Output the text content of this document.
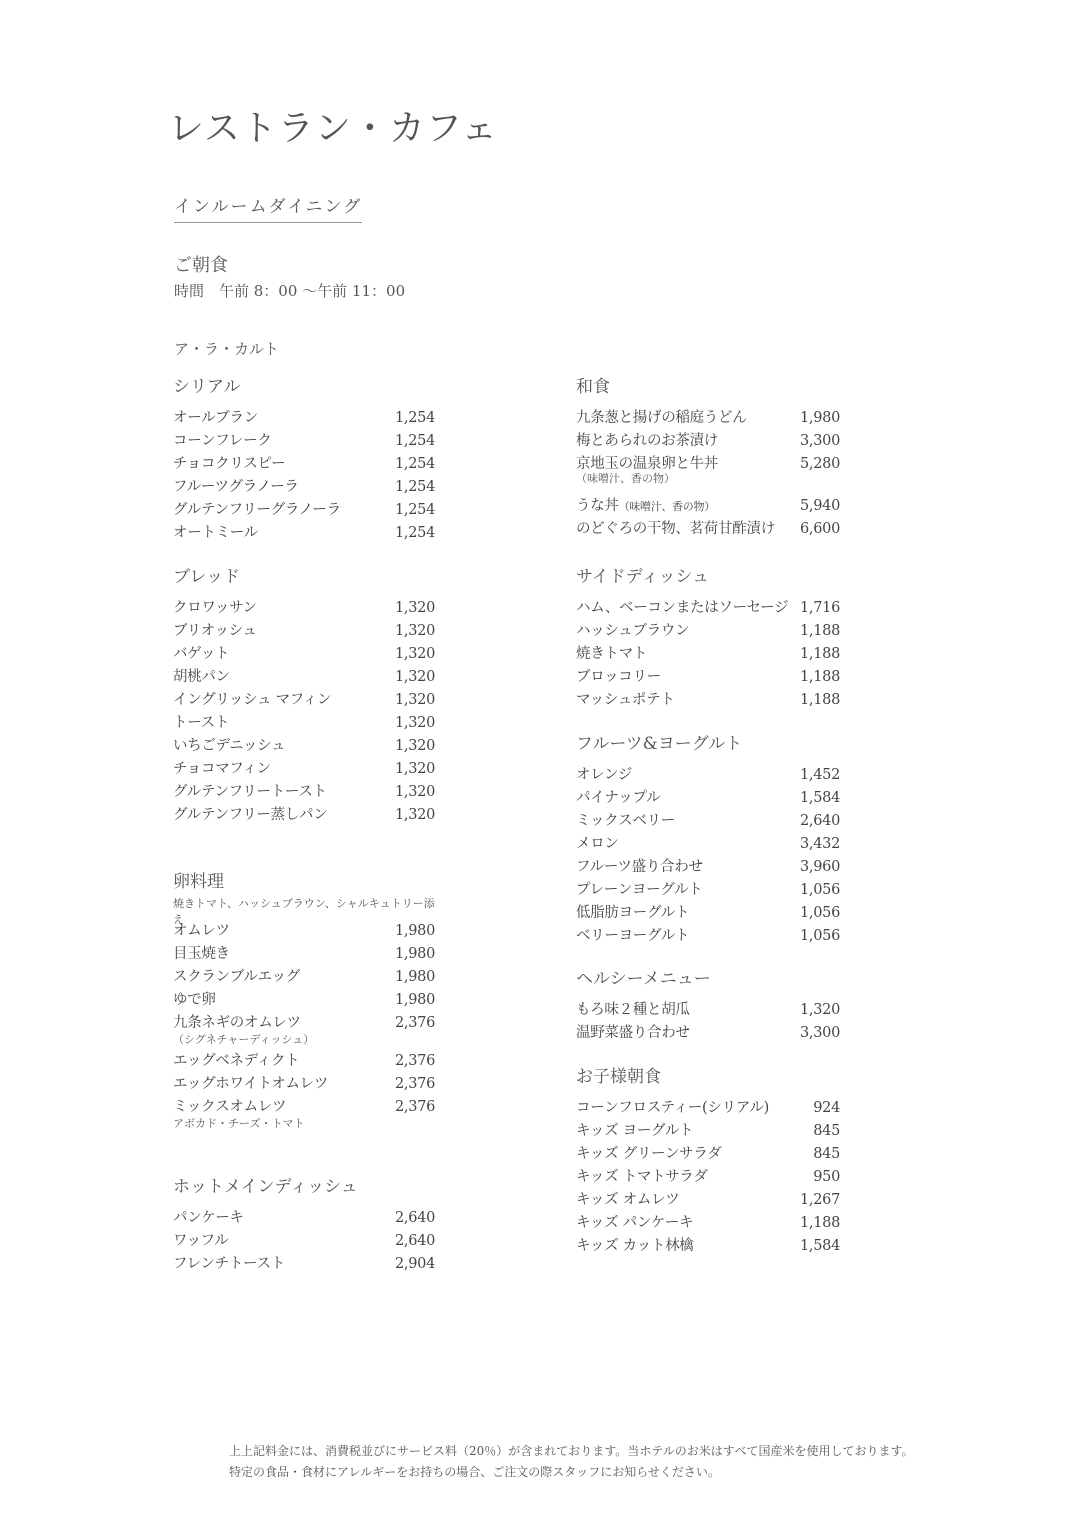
レストラン・カフェ
インルームダイニング
ご朝食
時間　午前 8：00 ～午前 11：00
ア・ラ・カルト
シリアル
オールブラン	1,254
コーンフレーク	1,254
チョコクリスピー	1,254
フルーツグラノーラ	1,254
グルテンフリーグラノーラ	1,254
オートミール	1,254
ブレッド
クロワッサン	1,320
ブリオッシュ	1,320
バゲット	1,320
胡桃パン	1,320
イングリッシュ マフィン	1,320
トースト	1,320
いちごデニッシュ	1,320
チョコマフィン	1,320
グルテンフリートースト	1,320
グルテンフリー蒸しパン	1,320
卵料理
焼きトマト、ハッシュブラウン、シャルキュトリー添え
オムレツ	1,980
目玉焼き	1,980
スクランブルエッグ	1,980
ゆで卵	1,980
九条ネギのオムレツ	2,376
（シグネチャーディッシュ）
エッグベネディクト	2,376
エッグホワイトオムレツ	2,376
ミックスオムレツ	2,376
アボカド・チーズ・トマト
ホットメインディッシュ
パンケーキ	2,640
ワッフル	2,640
フレンチトースト	2,904
和食
九条葱と揚げの稲庭うどん	1,980
梅とあられのお茶漬け	3,300
京地玉の温泉卵と牛丼	5,280
（味噌汁、香の物）
うな丼（味噌汁、香の物）	5,940
のどぐろの干物、茗荷甘酢漬け	6,600
サイドディッシュ
ハム、ベーコンまたはソーセージ 1,716
ハッシュブラウン	1,188
焼きトマト	1,188
ブロッコリー	1,188
マッシュポテト	1,188
フルーツ&ヨーグルト
オレンジ	1,452
パイナップル	1,584
ミックスベリー	2,640
メロン	3,432
フルーツ盛り合わせ	3,960
プレーンヨーグルト	1,056
低脂肪ヨーグルト	1,056
ベリーヨーグルト	1,056
ヘルシーメニュー
もろ味２種と胡瓜	1,320
温野菜盛り合わせ	3,300
お子様朝食
コーンフロスティー(シリアル)	924
キッズ ヨーグルト	845
キッズ グリーンサラダ	845
キッズ トマトサラダ	950
キッズ オムレツ	1,267
キッズ パンケーキ	1,188
キッズ カット林檎	1,584
上上記料金には、消費税並びにサービス料（20％）が含まれております。当ホテルのお米はすべて国産米を使用しております。
特定の食品・食材にアレルギーをお持ちの場合、ご注文の際スタッフにお知らせください。
